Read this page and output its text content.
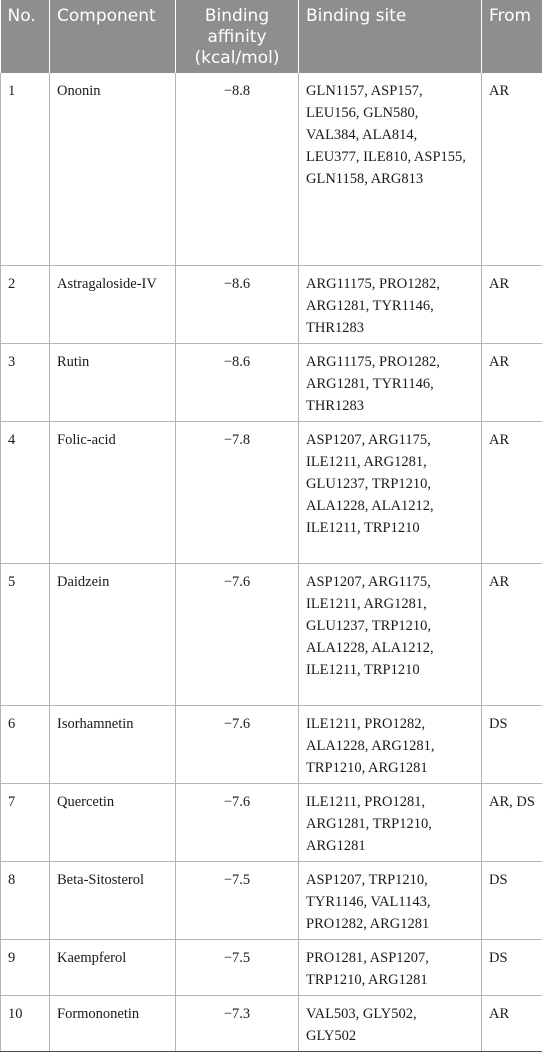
No.	Component	Binding
affinity
(kcal/mol)	Binding site	From
1	Ononin	−8.8	GLN1157, ASP157,
LEU156, GLN580,
VAL384, ALA814,
LEU377, ILE810, ASP155,
GLN1158, ARG813	AR
2	Astragaloside-IV	−8.6	ARG11175, PRO1282,
ARG1281, TYR1146,
THR1283	AR
3	Rutin	−8.6	ARG11175, PRO1282,
ARG1281, TYR1146,
THR1283	AR
4	Folic-acid	−7.8	ASP1207, ARG1175,
ILE1211, ARG1281,
GLU1237, TRP1210,
ALA1228, ALA1212,
ILE1211, TRP1210	AR
5	Daidzein	−7.6	ASP1207, ARG1175,
ILE1211, ARG1281,
GLU1237, TRP1210,
ALA1228, ALA1212,
ILE1211, TRP1210	AR
6	Isorhamnetin	−7.6	ILE1211, PRO1282,
ALA1228, ARG1281,
TRP1210, ARG1281	DS
7	Quercetin	−7.6	ILE1211, PRO1281,
ARG1281, TRP1210,
ARG1281	AR, DS
8	Beta-Sitosterol	−7.5	ASP1207, TRP1210,
TYR1146, VAL1143,
PRO1282, ARG1281	DS
9	Kaempferol	−7.5	PRO1281, ASP1207,
TRP1210, ARG1281	DS
10	Formononetin	−7.3	VAL503, GLY502,
GLY502	AR
